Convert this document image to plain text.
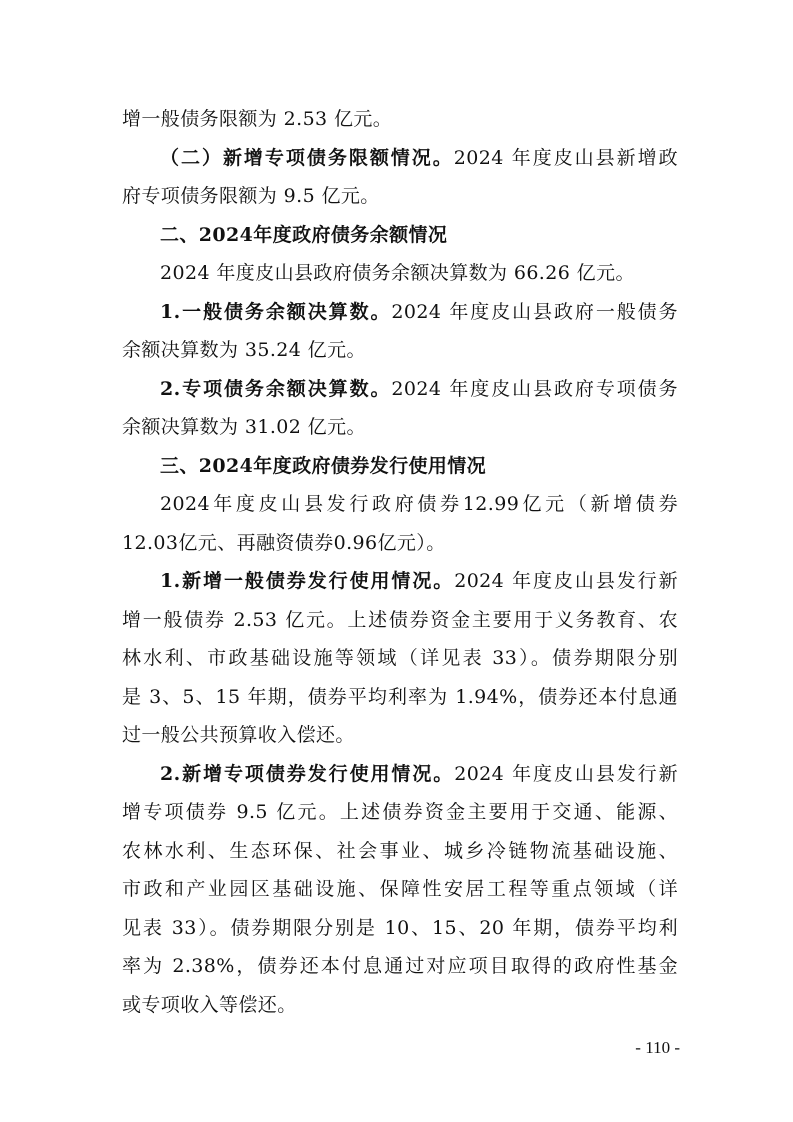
增一般债务限额为 2.53 亿元。
（二）新增专项债务限额情况。2024 年度皮山县新增政
府专项债务限额为 9.5 亿元。
二、2024年度政府债务余额情况
2024 年度皮山县政府债务余额决算数为 66.26 亿元。
1.一般债务余额决算数。2024 年度皮山县政府一般债务
余额决算数为 35.24 亿元。
2.专项债务余额决算数。2024 年度皮山县政府专项债务
余额决算数为 31.02 亿元。
三、2024年度政府债券发行使用情况
2024年度皮山县发行政府债券12.99亿元（新增债券
12.03亿元、再融资债券0.96亿元）。
1.新增一般债券发行使用情况。2024 年度皮山县发行新
增一般债券 2.53 亿元。上述债券资金主要用于义务教育、农
林水利、市政基础设施等领域（详见表 33）。债券期限分别
是 3、5、15 年期，债券平均利率为 1.94%，债券还本付息通
过一般公共预算收入偿还。
2.新增专项债券发行使用情况。2024 年度皮山县发行新
增专项债券 9.5 亿元。上述债券资金主要用于交通、能源、
农林水利、生态环保、社会事业、城乡冷链物流基础设施、
市政和产业园区基础设施、保障性安居工程等重点领域（详
见表 33）。债券期限分别是 10、15、20 年期，债券平均利
率为 2.38%，债券还本付息通过对应项目取得的政府性基金
或专项收入等偿还。
- 110 -
